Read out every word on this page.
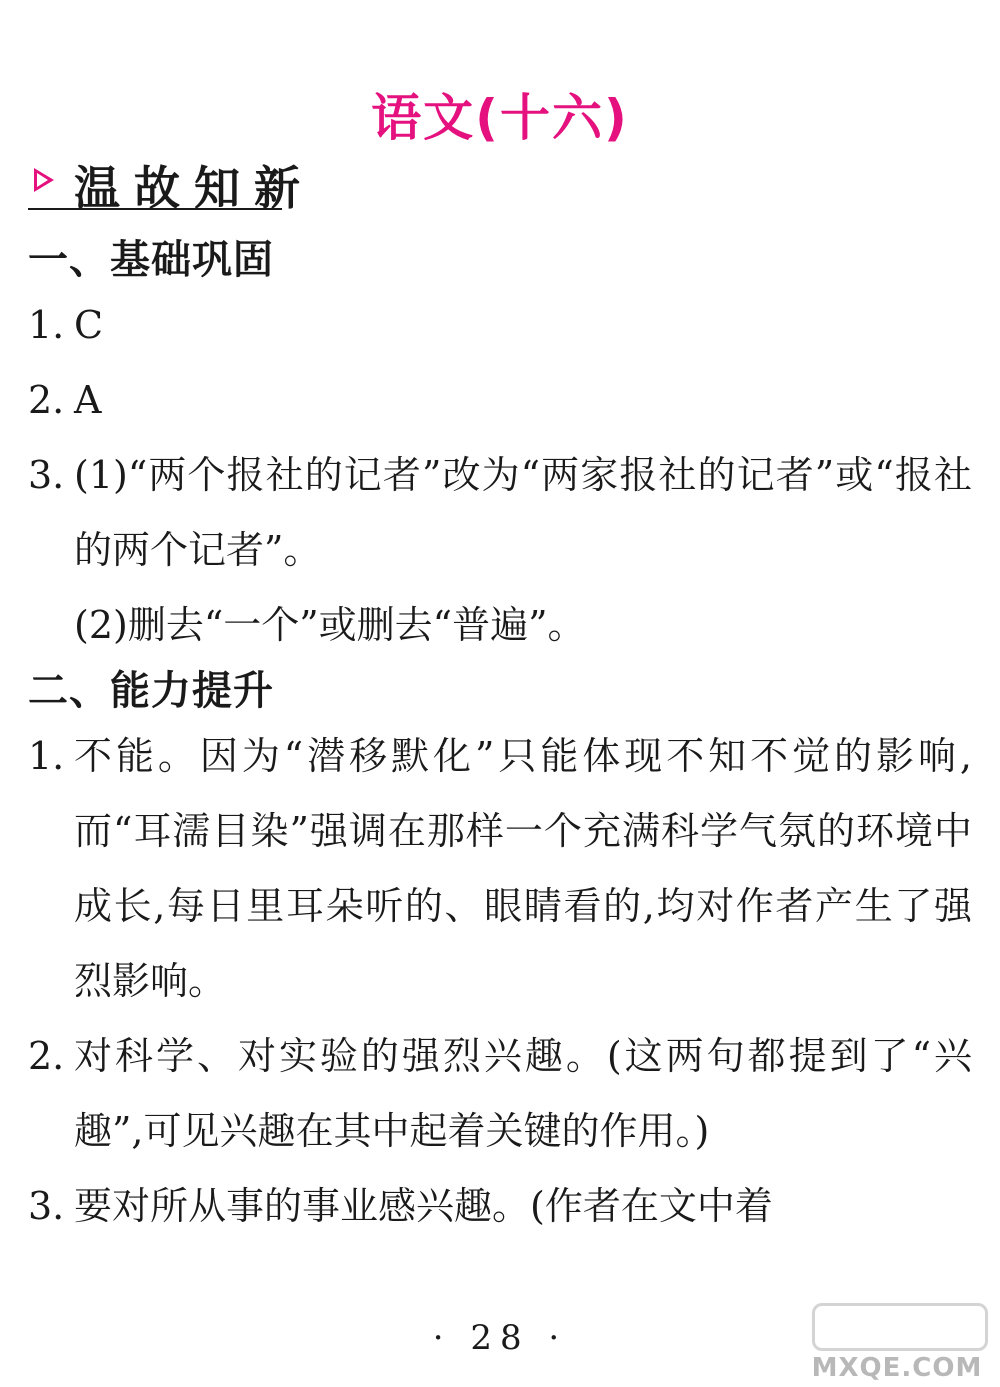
语文(十六)
温故知新
一、基础巩固
1. C
2. A
3. (1)“两个报社的记者”改为“两家报社的记者”或“报社的两个记者”。
(2)删去“一个”或删去“普遍”。
二、能力提升
1. 不能。因为“潜移默化”只能体现不知不觉的影响,而“耳濡目染”强调在那样一个充满科学气氛的环境中成长,每日里耳朵听的、眼睛看的,均对作者产生了强烈影响。
2. 对科学、对实验的强烈兴趣。(这两句都提到了“兴趣”,可见兴趣在其中起着关键的作用。)
3. 要对所从事的事业感兴趣。(作者在文中着
· 28 ·
MXQE.COM
